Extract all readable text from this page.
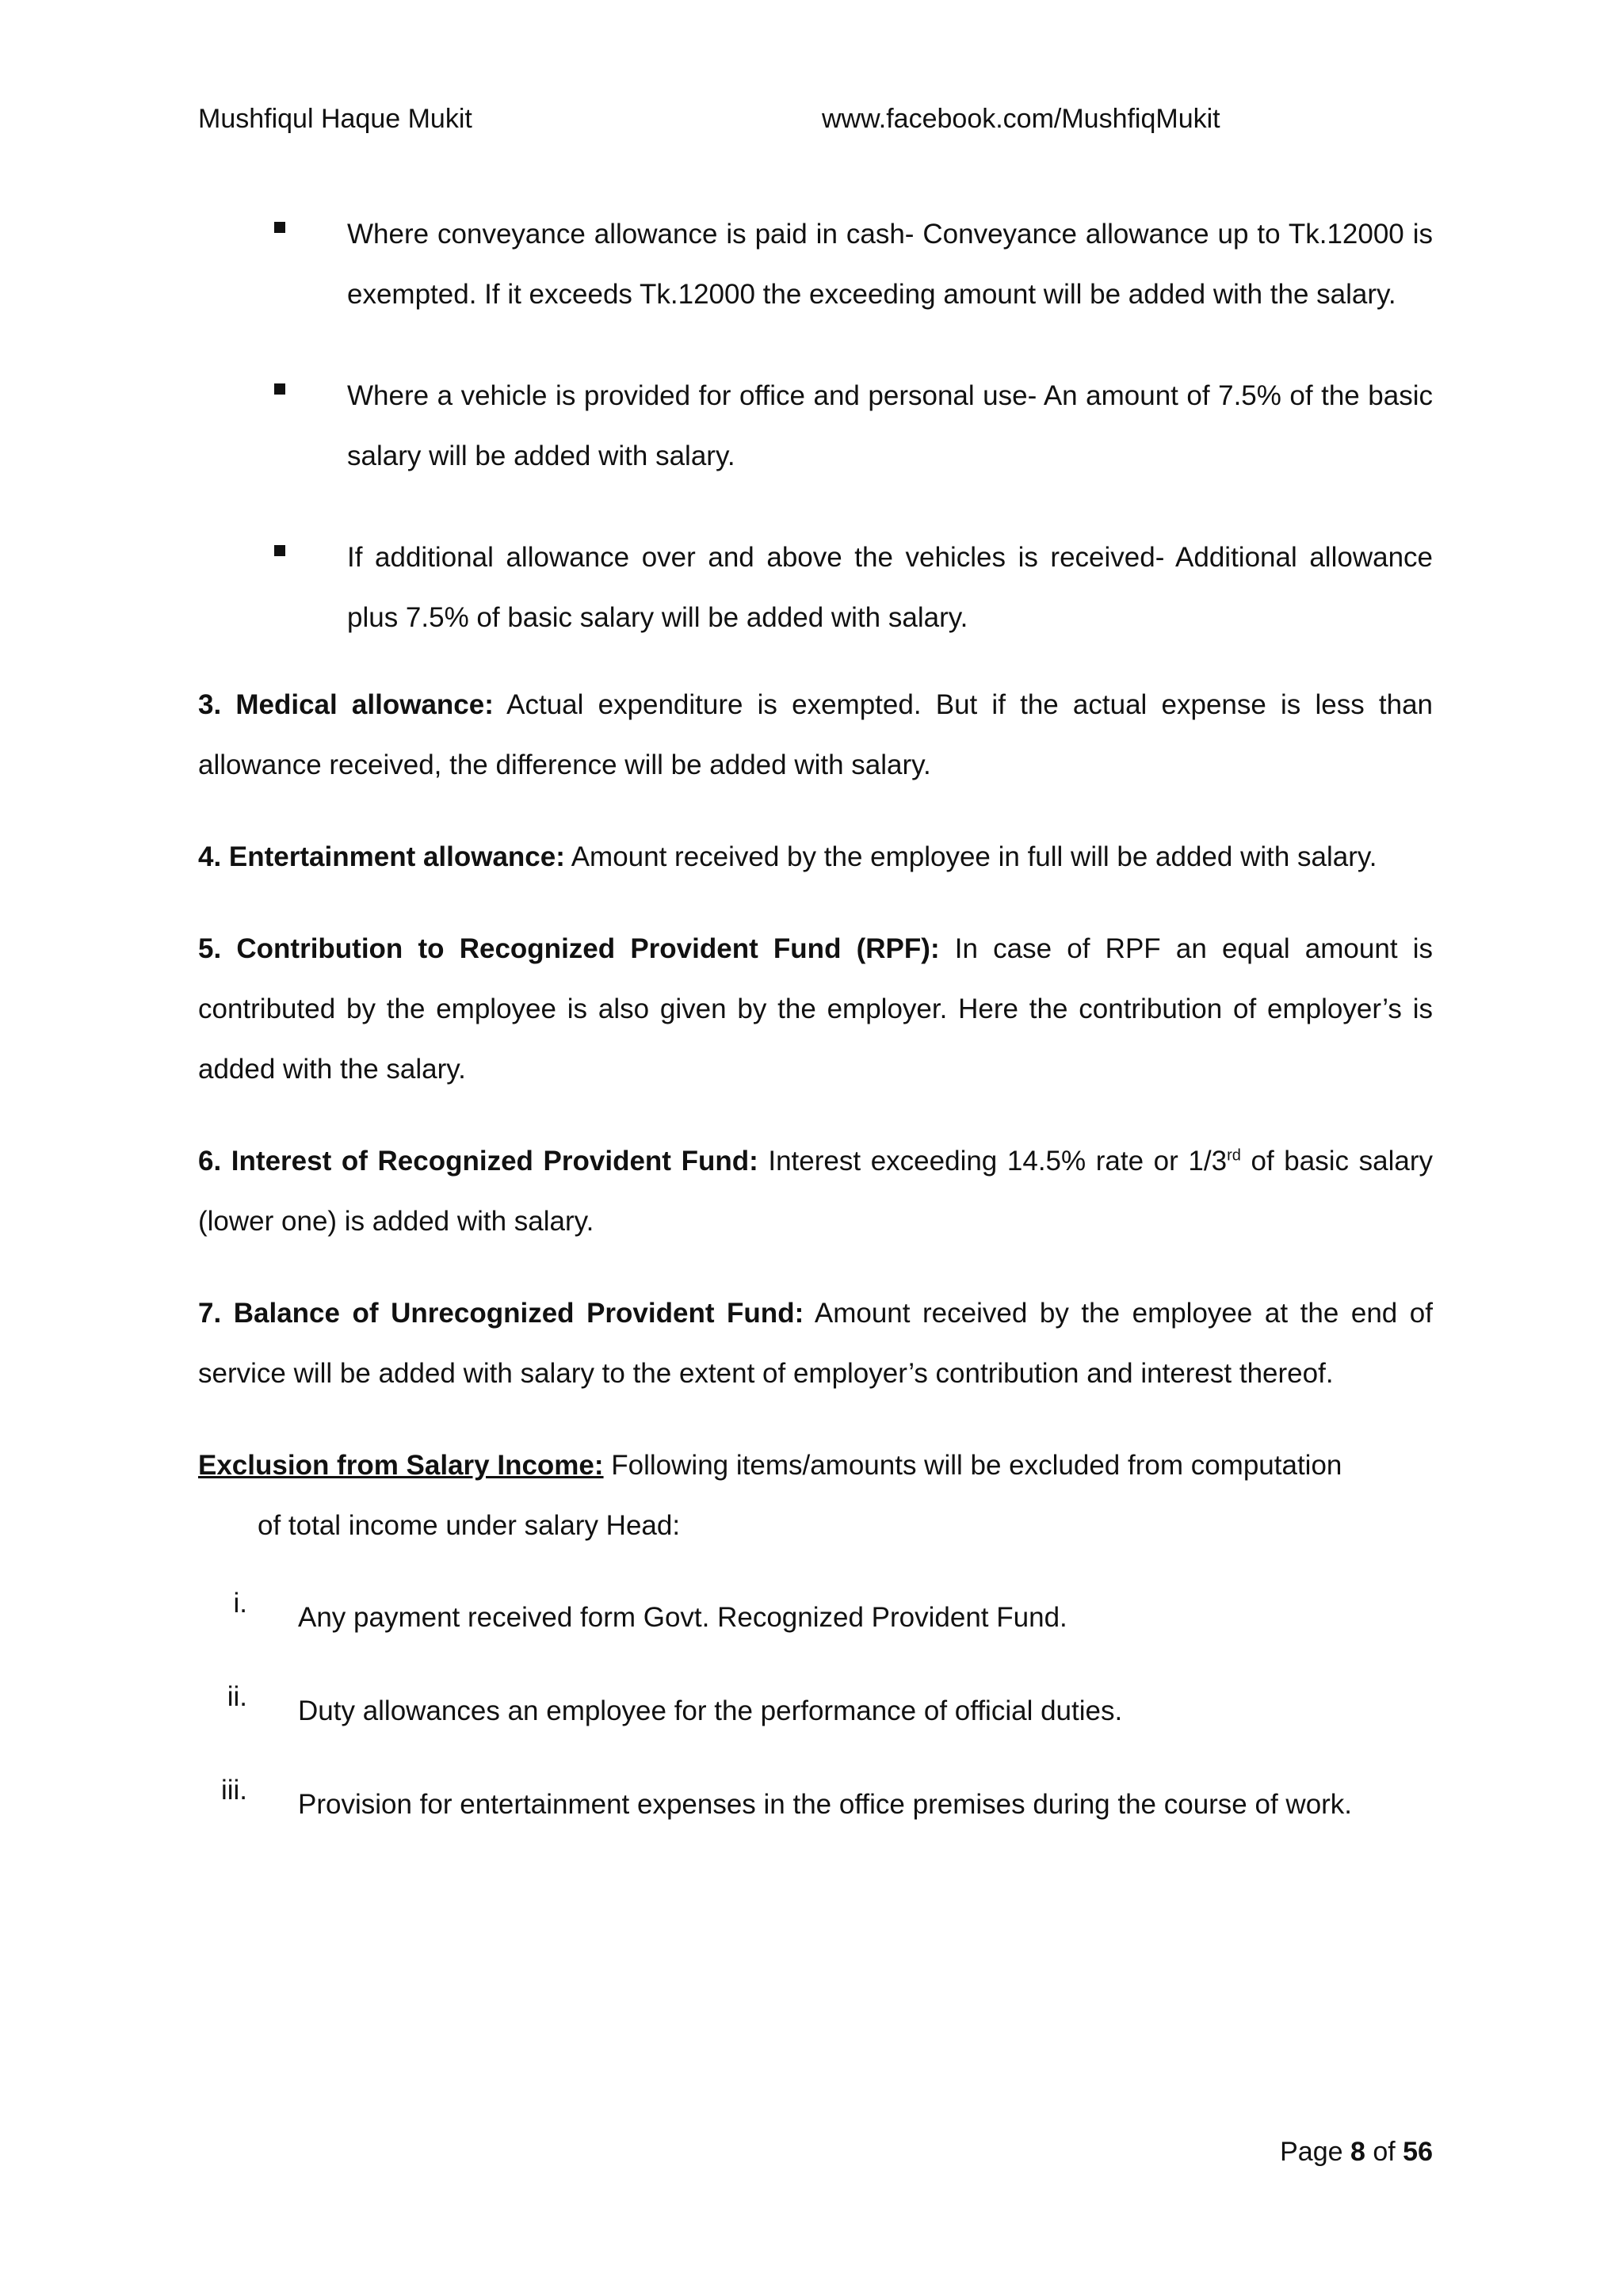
Mushfiqul Haque Mukit	www.facebook.com/MushfiqMukit

Where conveyance allowance is paid in cash- Conveyance allowance up to Tk.12000 is exempted. If it exceeds Tk.12000 the exceeding amount will be added with the salary.

Where a vehicle is provided for office and personal use- An amount of 7.5% of the basic salary will be added with salary.

If additional allowance over and above the vehicles is received- Additional allowance plus 7.5% of basic salary will be added with salary.

3. Medical allowance: Actual expenditure is exempted. But if the actual expense is less than allowance received, the difference will be added with salary.

4. Entertainment allowance: Amount received by the employee in full will be added with salary.

5. Contribution to Recognized Provident Fund (RPF): In case of RPF an equal amount is contributed by the employee is also given by the employer. Here the contribution of employer’s is added with the salary.

6. Interest of Recognized Provident Fund: Interest exceeding 14.5% rate or 1/3rd of basic salary (lower one) is added with salary.

7. Balance of Unrecognized Provident Fund: Amount received by the employee at the end of service will be added with salary to the extent of employer’s contribution and interest thereof.

Exclusion from Salary Income: Following items/amounts will be excluded from computation

of total income under salary Head:

i. Any payment received form Govt. Recognized Provident Fund.

ii. Duty allowances an employee for the performance of official duties.

iii. Provision for entertainment expenses in the office premises during the course of work.

Page 8 of 56
